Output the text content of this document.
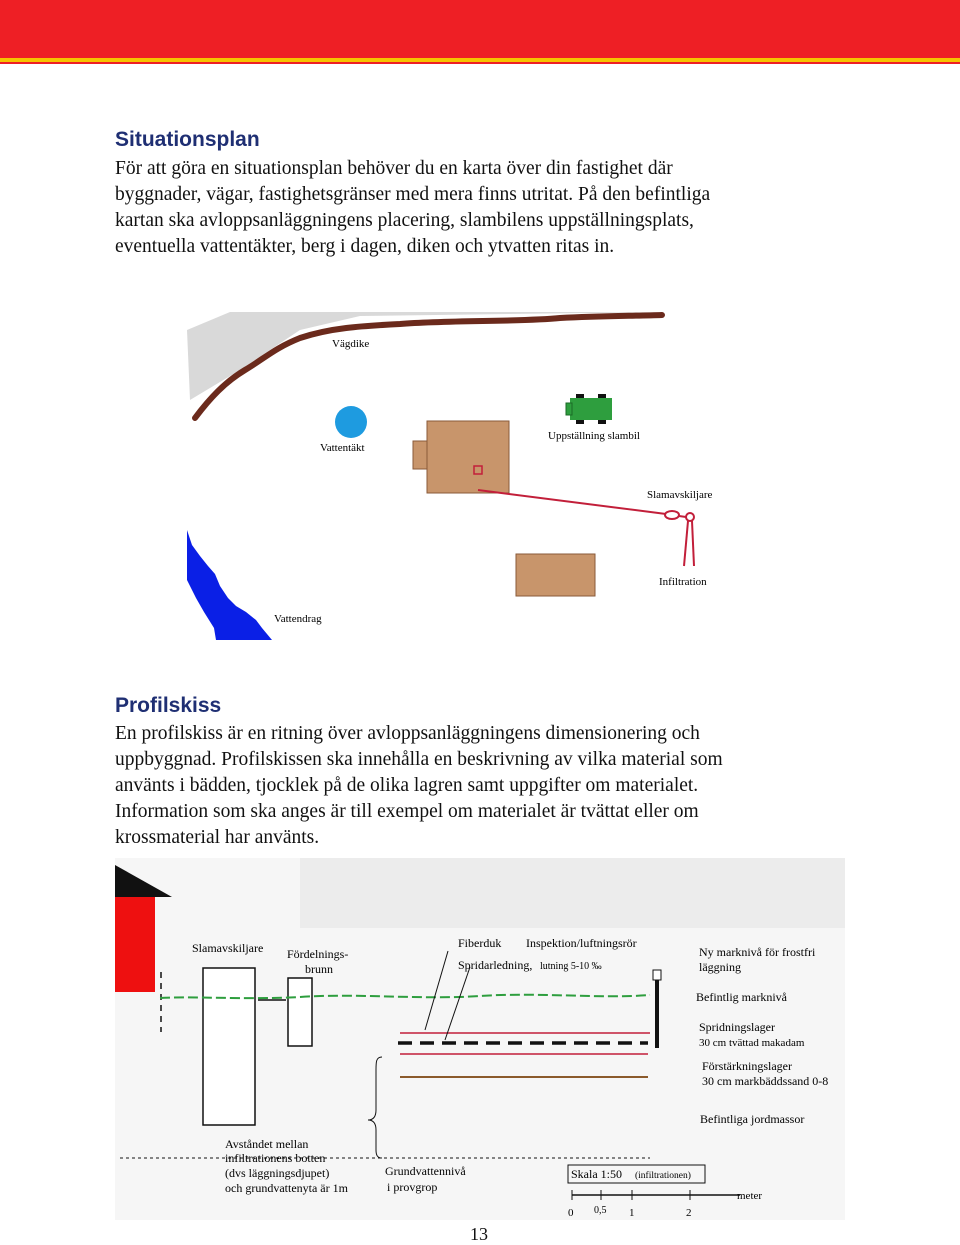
Situationsplan
För att göra en situationsplan behöver du en karta över din fastighet där
byggnader, vägar, fastighetsgränser med mera finns utritat. På den befintliga
kartan ska avloppsanläggningens placering, slambilens uppställningsplats,
eventuella vattentäkter, berg i dagen, diken och ytvatten ritas in.
Vägdike
Vattentäkt
Uppställning slambil
Slamavskiljare
Infiltration
Vattendrag
Profilskiss
En profilskiss är en ritning över avloppsanläggningens dimensionering och
uppbyggnad. Profilskissen ska innehålla en beskrivning av vilka material som
använts i bädden, tjocklek på de olika lagren samt uppgifter om materialet.
Information som ska anges är till exempel om materialet är tvättat eller om
krossmaterial har använts.
Slamavskiljare Fördelnings-
brunn
Fiberduk Inspektion/luftningsrör
Spridarledning, lutning 5-10 ‰
Ny marknivå för frostfri
läggning
Befintlig marknivå
Spridningslager
30 cm tvättad makadam
Förstärkningslager
30 cm markbäddssand 0-8
Befintliga jordmassor
Avståndet mellan
infiltrationens botten
(dvs läggningsdjupet)
och grundvattenyta är 1m
Grundvattennivå
i provgrop
Skala 1:50 (infiltrationen)
0 0,5 1	2
meter
13
